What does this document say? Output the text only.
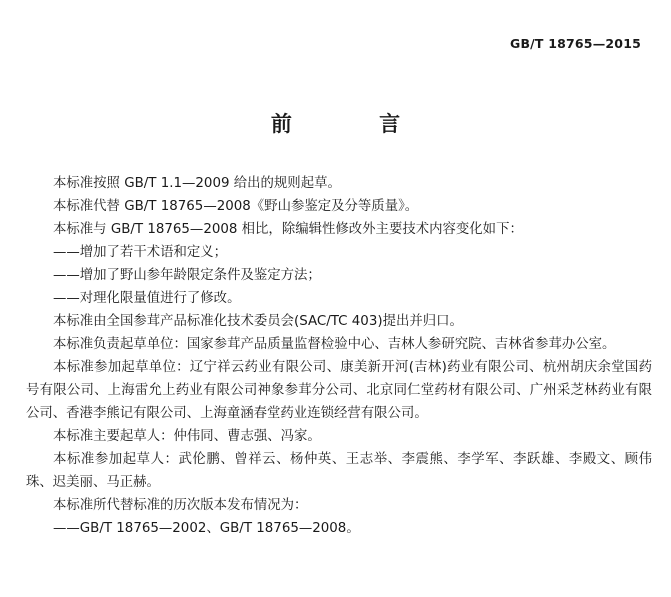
GB/T 18765—2015
前 言

本标准按照 GB/T 1.1—2009 给出的规则起草。

本标准代替 GB/T 18765—2008《野山参鉴定及分等质量》。

本标准与 GB/T 18765—2008 相比，除编辑性修改外主要技术内容变化如下：

——增加了若干术语和定义；

——增加了野山参年龄限定条件及鉴定方法；

——对理化限量值进行了修改。

本标准由全国参茸产品标准化技术委员会(SAC/TC 403)提出并归口。

本标准负责起草单位：国家参茸产品质量监督检验中心、吉林人参研究院、吉林省参茸办公室。

本标准参加起草单位：辽宁祥云药业有限公司、康美新开河(吉林)药业有限公司、杭州胡庆余堂国药号有限公司、上海雷允上药业有限公司神象参茸分公司、北京同仁堂药材有限公司、广州采芝林药业有限公司、香港李熊记有限公司、上海童涵春堂药业连锁经营有限公司。

本标准主要起草人：仲伟同、曹志强、冯家。

本标准参加起草人：武伦鹏、曾祥云、杨仲英、王志举、李震熊、李学军、李跃雄、李殿文、顾伟珠、迟美丽、马正赫。

本标准所代替标准的历次版本发布情况为：

——GB/T 18765—2002、GB/T 18765—2008。
